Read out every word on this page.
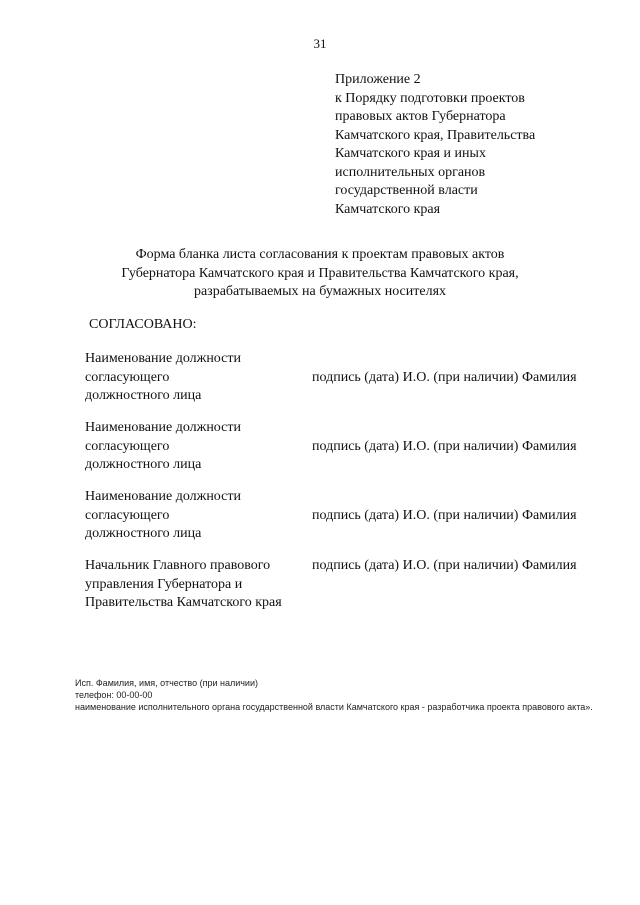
31
Приложение 2
к Порядку подготовки проектов
правовых актов Губернатора
Камчатского края, Правительства
Камчатского края и иных
исполнительных органов
государственной власти
Камчатского края
Форма бланка листа согласования к проектам правовых актов
Губернатора Камчатского края и Правительства Камчатского края,
разрабатываемых на бумажных носителях
СОГЛАСОВАНО:
Наименование должности
согласующего
должностного лица
подпись (дата) И.О. (при наличии) Фамилия
Наименование должности
согласующего
должностного лица
подпись (дата) И.О. (при наличии) Фамилия
Наименование должности
согласующего
должностного лица
подпись (дата) И.О. (при наличии) Фамилия
Начальник Главного правового
управления Губернатора и
Правительства Камчатского края
подпись (дата) И.О. (при наличии) Фамилия
Исп. Фамилия, имя, отчество (при наличии)
телефон: 00-00-00
наименование исполнительного органа государственной власти Камчатского края - разработчика проекта правового акта».
